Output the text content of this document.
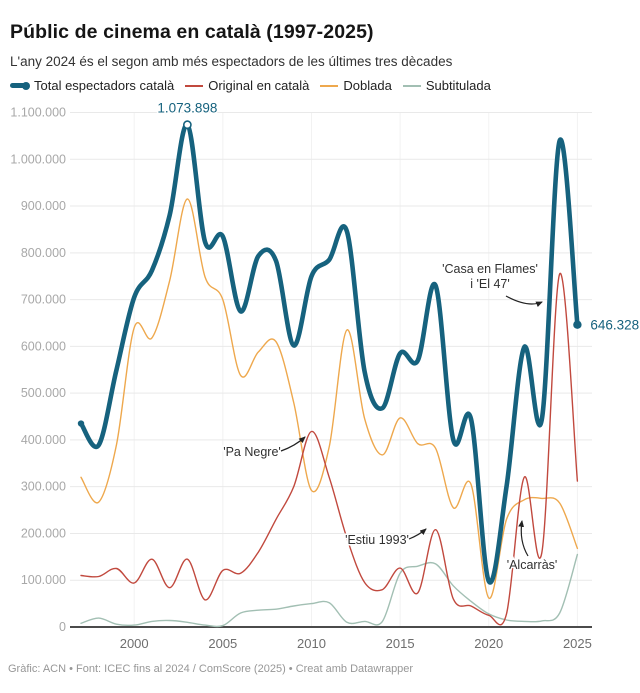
Públic de cinema en català (1997-2025)

L'any 2024 és el segon amb més espectadors de les últimes tres dècades

Total espectadors català	Original en català	Doblada	Subtitulada
0
100.000
200.000
300.000
400.000
500.000
600.000
700.000
800.000
900.000
1.000.000
1.100.000
2000	2005	2010	2015	2020	2025
1.073.898
646.328
'Casa en Flames'
i 'El 47'
'Pa Negre'
'Estiu 1993'
'Alcarràs'
Gràfic: ACN • Font: ICEC fins al 2024 / ComScore (2025) • Creat amb Datawrapper
